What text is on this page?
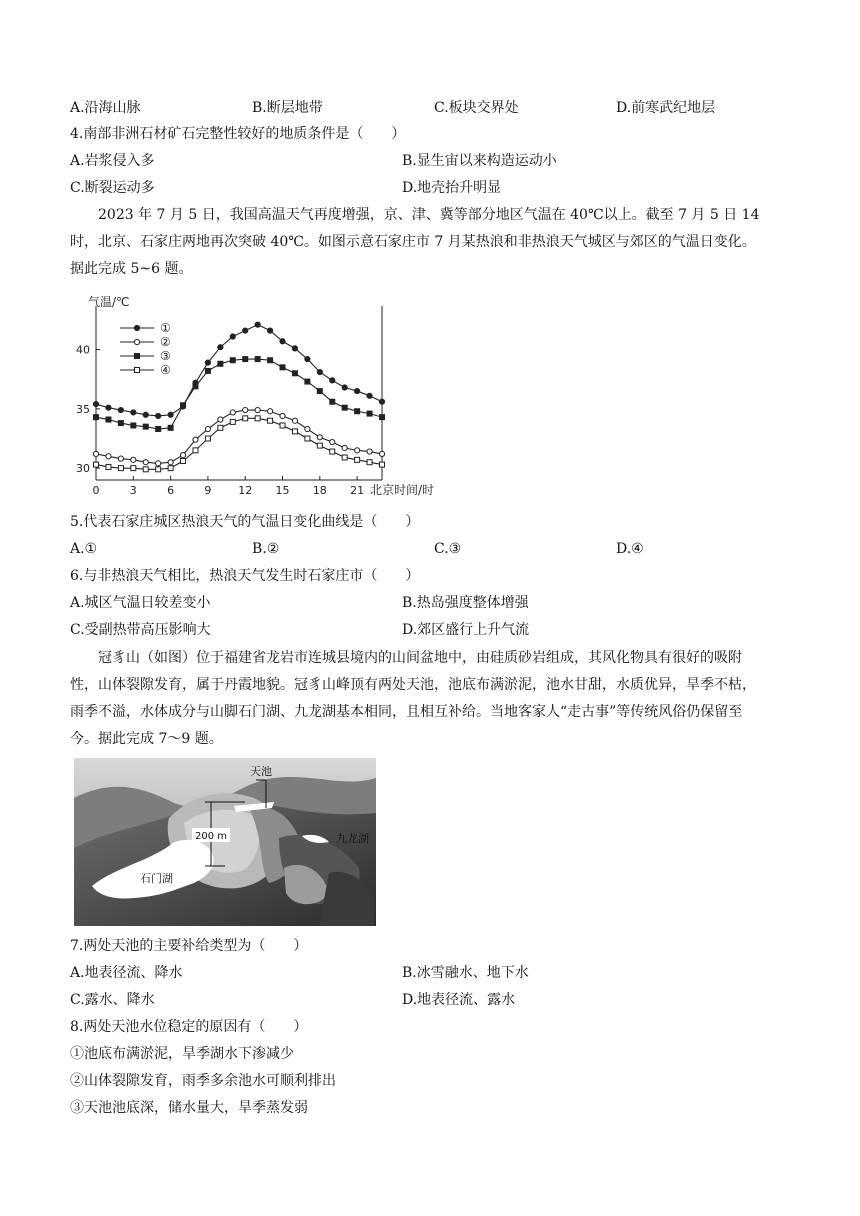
A.沿海山脉	B.断层地带	C.板块交界处	D.前寒武纪地层
4.南部非洲石材矿石完整性较好的地质条件是（　　）
A.岩浆侵入多	B.显生宙以来构造运动小
C.断裂运动多	D.地壳抬升明显
2023 年 7 月 5 日，我国高温天气再度增强，京、津、冀等部分地区气温在 40℃以上。截至 7 月 5 日 14
时，北京、石家庄两地再次突破 40℃。如图示意石家庄市 7 月某热浪和非热浪天气城区与郊区的气温日变化。
据此完成 5~6 题。
气温/℃
北京时间/时
0	3	6	9 12 15 18 21
30
35
40
①
②
③
④
5.代表石家庄城区热浪天气的气温日变化曲线是（　　）
A.①	B.②	C.③	D.④
6.与非热浪天气相比，热浪天气发生时石家庄市（　　）
A.城区气温日较差变小	B.热岛强度整体增强
C.受副热带高压影响大	D.郊区盛行上升气流
冠豸山（如图）位于福建省龙岩市连城县境内的山间盆地中，由硅质砂岩组成，其风化物具有很好的吸附
性，山体裂隙发育，属于丹霞地貌。冠豸山峰顶有两处天池，池底布满淤泥，池水甘甜，水质优异，旱季不枯，
雨季不溢，水体成分与山脚石门湖、九龙湖基本相同，且相互补给。当地客家人“走古事”等传统风俗仍保留至
今。据此完成 7～9 题。
200 m
天池
九龙湖
石门湖
7.两处天池的主要补给类型为（　　）
A.地表径流、降水	B.冰雪融水、地下水
C.露水、降水	D.地表径流、露水
8.两处天池水位稳定的原因有（　　）
①池底布满淤泥，旱季湖水下渗减少
②山体裂隙发育，雨季多余池水可顺利排出
③天池池底深，储水量大，旱季蒸发弱
